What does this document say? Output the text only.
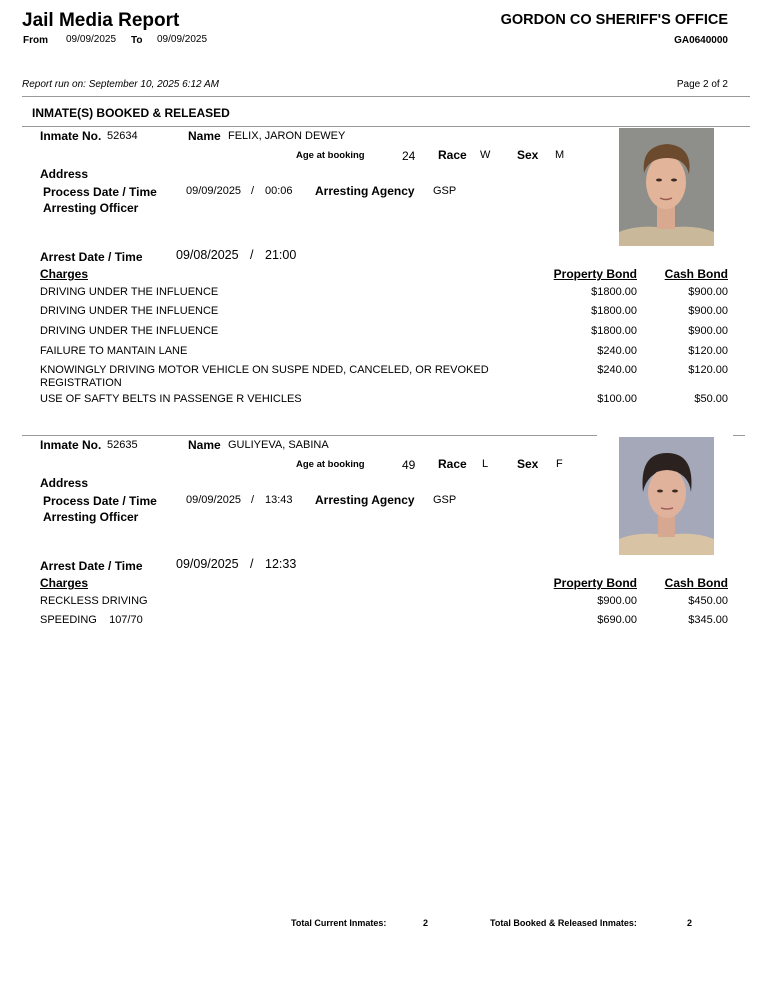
Jail Media Report
From 09/09/2025 To 09/09/2025
GORDON CO SHERIFF'S OFFICE
GA0640000
Report run on: September 10, 2025 6:12 AM	Page 2 of 2
INMATE(S) BOOKED & RELEASED
Inmate No. 52634	Name FELIX, JARON DEWEY
Age at booking	24 Race W Sex M
Address
Process Date / Time	09/09/2025 / 00:06 Arresting Agency GSP
Arresting Officer
Arrest Date / Time	09/08/2025 / 21:00
Charges	Property Bond Cash Bond
DRIVING UNDER THE INFLUENCE	$1800.00	$900.00
DRIVING UNDER THE INFLUENCE	$1800.00	$900.00
DRIVING UNDER THE INFLUENCE	$1800.00	$900.00
FAILURE TO MANTAIN LANE	$240.00	$120.00
KNOWINGLY DRIVING MOTOR VEHICLE ON SUSPE NDED, CANCELED, OR REVOKED
REGISTRATION
$240.00	$120.00
USE OF SAFTY BELTS IN PASSENGE R VEHICLES	$100.00	$50.00
Inmate No. 52635	Name GULIYEVA, SABINA
Age at booking	49 Race L Sex F
Address
Process Date / Time	09/09/2025 / 13:43 Arresting Agency GSP
Arresting Officer
Arrest Date / Time	09/09/2025 / 12:33
Charges	Property Bond Cash Bond
RECKLESS DRIVING	$900.00	$450.00
SPEEDING    107/70	$690.00	$345.00
Total Current Inmates:	2	Total Booked & Released Inmates:	2
